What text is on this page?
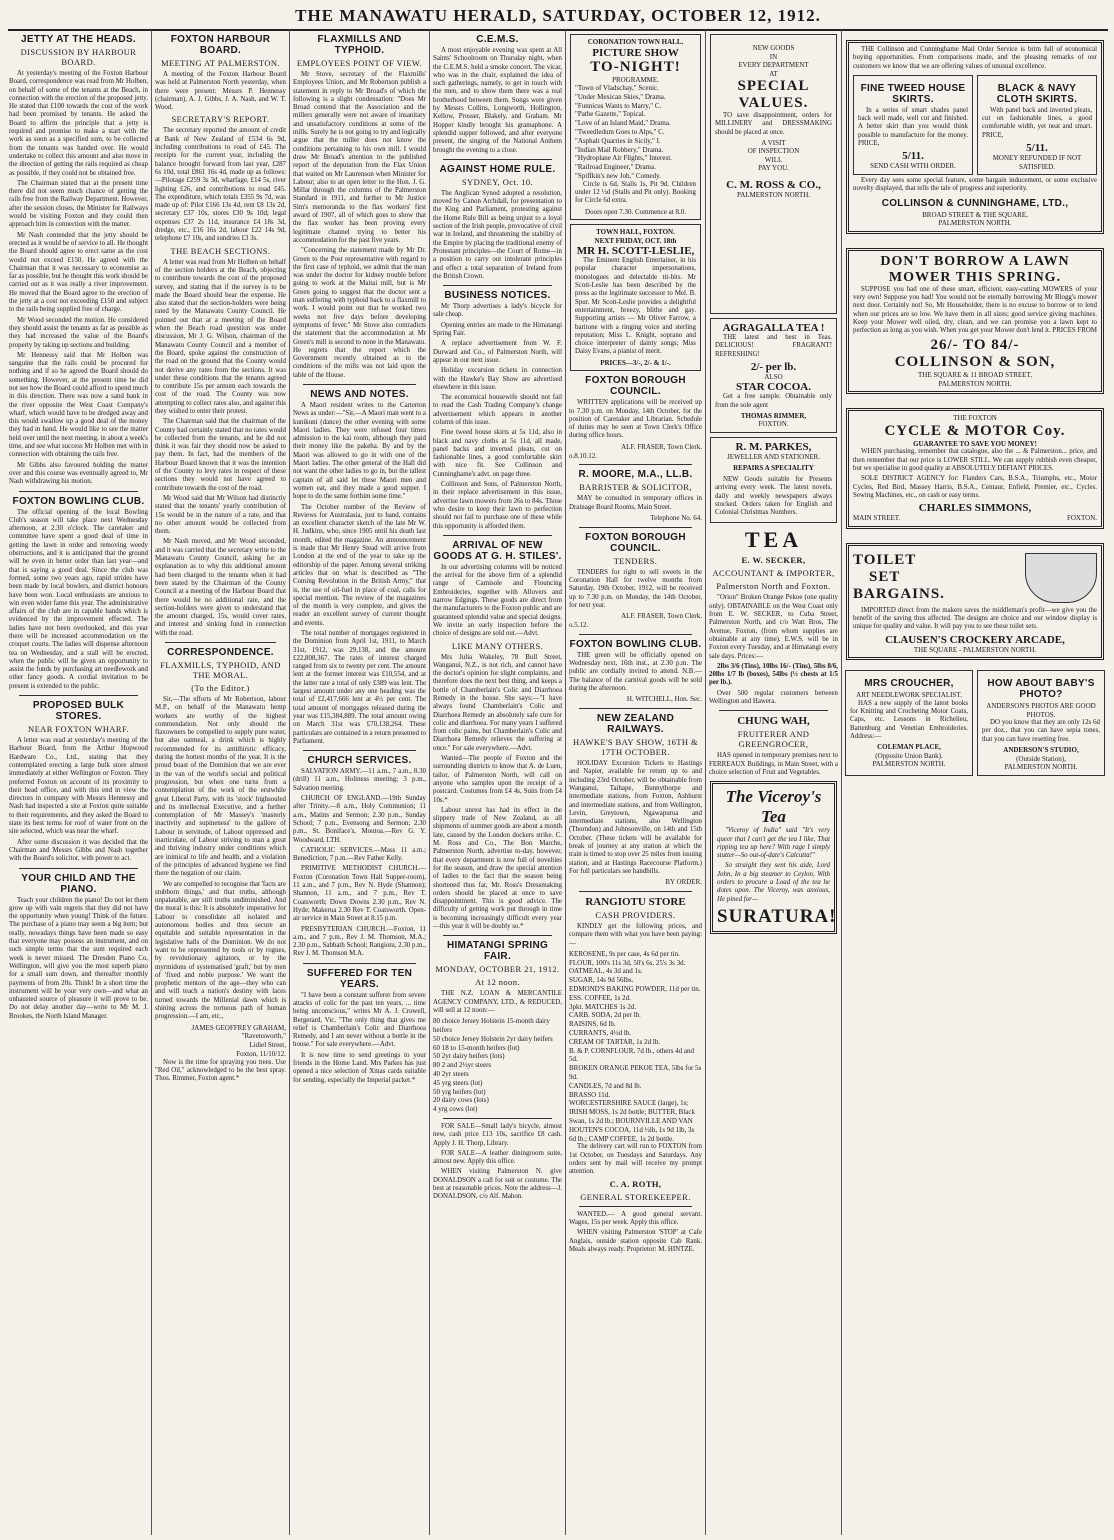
THE MANAWATU HERALD, SATURDAY, OCTOBER 12, 1912.
JETTY AT THE HEADS.
DISCUSSION BY HARBOUR BOARD.

At yesterday's meeting of the Foxton Harbour Board, correspondence was read from Mr Holben, on behalf of some of the tenants at the Beach, in connection with the erection of the proposed jetty. He stated that £100 towards the cost of the work had been promised by tenants. He asked the Board to affirm the principle that a jetty is required and promise to make a start with the work as soon as a specified sum, to be collected from the tenants was handed over. He would undertake to collect this amount and also move in the direction of getting the rails required as cheap as possible, if they could not be obtained free.

The Chairman stated that at the present time there did not seem much chance of getting the rails free from the Railway Department. However, after the session closes, the Minister for Railways would be visiting Foxton and they could then approach him in connection with the matter.

Mr Nash contended that the jetty should be erected as it would be of service to all. He thought the Board should agree to erect same as the cost would not exceed £150. He agreed with the Chairman that it was necessary to economise as far as possible, but he thought this work should be carried out as it was really a river improvement. He moved that the Board agree to the erection of the jetty at a cost not exceeding £150 and subject to the rails being supplied free of charge.

Mr Wood seconded the motion. He considered they should assist the tenants as far as possible as they had increased the value of the Board's property by taking up sections and building.

Mr Hennessy said that Mr Holben was sanguine that the rails could be procured for nothing and if so he agreed the Board should do something. However, at the present time he did not see how the Board could afford to spend much in this direction. There was now a sand bank in the river opposite the West Coast Company's wharf, which would have to be dredged away and this would swallow up a good deal of the money they had in hand. He would like to see the matter held over until the next meeting, in about a week's time, and see what success Mr Holben met with in connection with obtaining the rails free.

Mr Gibbs also favoured holding the matter over and this course was eventually agreed to, Mr Nash withdrawing his motion.

FOXTON BOWLING CLUB.

The official opening of the local Bowling Club's season will take place next Wednesday afternoon, at 2.30 o'clock. The caretaker and committee have spent a good deal of time in getting the lawn in order and removing weedy obstructions, and it is anticipated that the ground will be even in better order than last year—and that is saying a good deal. Since the club was formed, some two years ago, rapid strides have been made by local bowlers, and district honours have been won. Local enthusiasts are anxious to win even wider fame this year. The administrative affairs of the club are in capable hands which is evidenced by the improvement effected. The ladies have not been overlooked, and this year there will be increased accommodation on the croquet courts. The ladies will dispense afternoon tea on Wednesday, and a stall will be erected, when the public will be given an opportunity to assist the funds by purchasing art needlework and other fancy goods. A cordial invitation to be present is extended to the public.

PROPOSED BULK STORES.
NEAR FOXTON WHARF.

A letter was read at yesterday's meeting of the Harbour Board, from the Arthur Hopwood Hardware Co., Ltd., stating that they contemplated erecting a large bulk store almost immediately at either Wellington or Foxton. They preferred Foxton on account of its proximity to their head office, and with this end in view the directors in company with Messrs Hennessy and Nash had inspected a site at Foxton quite suitable to their requirements, and they asked the Board to state its best terms for roof of water front on the site selected, which was near the wharf.

After some discussion it was decided that the Chairman and Messrs Gibbs and Nash together with the Board's solicitor, with power to act.

YOUR CHILD AND THE PIANO.

Teach your children the piano! Do not let them grow up with vain regrets that they did not have the opportunity when young! Think of the future. The purchase of a piano may seem a big item; but really, nowadays things have been made so easy that everyone may possess an instrument, and on such simple terms that the sum required each week is never missed. The Dresden Piano Co, Wellington, will give you the most superb piano for a small sum down, and thereafter monthly payments of from 20s. Think! In a short time the instrument will be your very own—and what an unhausted source of pleasure it will prove to be. Do not delay another day—write to Mr M. J. Brookes, the North Island Manager.

FOXTON HARBOUR BOARD.
MEETING AT PALMERSTON.

A meeting of the Foxton Harbour Board was held at Palmerston North yesterday, when there were present: Messrs P. Hennessy (chairman), A. J. Gibbs, J. A. Nash, and W. T. Wood.

SECRETARY'S REPORT.

The secretary reported the amount of credit at Bank of New Zealand of £534 6s 9d, including contributions to road of £45. The receipts for the current year, including the balance brought forward from last year, £287 6s 10d, total £861 16s 4d, made up as follows:—Pilotage £259 3s 3d, wharfage, £14 5s, river lighting £26, and contributions to road £45. The expenditure, which totals £355 9s 7d, was made up of: Pilot £166 13s 4d, rent £8 13s 2d, secretary £37 10s, stores £30 9s 10d; legal expenses £37 2s 11d, insurance £4 18s 3d, dredge, etc., £16 16s 2d, labour £22 14s 9d, telephone £7 10s, and sundries £3 3s.

THE BEACH SECTIONS.

A letter was read from Mr Holben on behalf of the section holders at the Beach, objecting to contribute towards the cost of the proposed survey, and stating that if the survey is to be made the Board should bear the expense. He also stated that the section-holders were being rated by the Manawatu County Council. He pointed out that at a meeting of the Board when the Beach road question was under discussion, Mr J. G. Wilson, chairman of the Manawatu County Council and a member of the Board, spoke against the construction of the road on the ground that the County would not derive any rates from the sections. It was under these conditions that the tenants agreed to contribute 15s per annum each towards the cost of the road. The County was now attempting to collect rates also, and against this they wished to enter their protest.

The Chairman said that the chairman of the County had certainly stated that no rates would be collected from the tenants, and he did not think it was fair they should now be asked to pay them. In fact, had the members of the Harbour Board known that it was the intention of the County to levy rates in respect of these sections they would not have agreed to contribute towards the cost of the road.

Mr Wood said that Mr Wilson had distinctly stated that the tenants' yearly contribution of 15s would be in the nature of a rate, and that no other amount would be collected from them.

Mr Nash moved, and Mr Wood seconded, and it was carried that the secretary write to the Manawatu County Council, asking for an explanation as to why this additional amount had been charged to the tenants when it had been stated by the Chairman of the County Council at a meeting of the Harbour Board that there would be no additional rate, and the section-holders were given to understand that the amount charged, 15s, would cover rates, and interest and sinking fund in connection with the road.

CORRESPONDENCE.
FLAXMILLS, TYPHOID, AND THE MORAL.
(To the Editor.)

Sir,—The efforts of Mr Robertson, labour M.P., on behalf of the Manawatu hemp workers are worthy of the highest commendation. Not only should the flaxowners be compelled to supply pure water, but also oatmeal, a drink which is highly recommended for its antithirstic efficacy, during the hottest months of the year. It is the proud boast of the Dominion that we are ever in the van of the world's social and political progression, but when one turns from a contemplation of the work of the erstwhile great Liberal Party, with its 'stock' highsouled and its intellectual Executive, and a further contemplation of Mr Massey's 'masterly inactivity and supineness' to the gallore of Labour in servitude, of Labour oppressed and inarticulate, of Labour striving to man a great and thriving industry under conditions which are inimical to life and health, and a violation of the principles of advanced hygiene we find there the negation of our claim.

We are compelled to recognise that 'facts are stubborn things,' and that truths, although unpalatable, are still truths undiminished. And the moral is this: It is absolutely imperative for Labour to consolidate all isolated and autonomous bodies and thus secure an equitable and suitable representation in the legislative halls of the Dominion. We do not want to be represented by tools or by rogues, by revolutionary agitators, or by the myrmidons of systematised 'graft,' but by men of 'fixed and noble purpose.' We want the prophetic mentors of the age—they who can and will teach a nation's destiny with laces turned towards the Millenial dawn which is shining across the tortuous path of human progression.—I am, etc.,

JAMES GEOFFREY GRAHAM,
"Ravensworth,"
Lidiel Street,
Foxton, 11/10/12.

Now is the time for spraying you trees. Use "Red Oil," acknowledged to be the best spray. Thos. Rimmer, Foxton agent.*

FLAXMILLS AND TYPHOID.
EMPLOYEES POINT OF VIEW.

Mr Stove, secretary of the Flaxmills' Employees Union, and Mr Robertson publish a statement in reply to Mr Broad's of which the following is a slight condensation: "Does Mr Broad contend that the Association and the millers generally were not aware of insanitary and unsatisfactory conditions at some of the mills. Surely he is not going to try and logically argue that the miller does not know the conditions pertaining to his own mill. I would draw Mr Broad's attention to the published report of the deputation from the Flax Union that waited on Mr Laurenson when Minister for Labour; also to an open letter to the Hon. J. G. Millar through the columns of the Palmerston Standard in 1911, and further to Mr Justice Sim's memoranda to the flax workers' first award of 1907, all of which goes to show that the flax worker has been proving every legitimate channel trying to better his accommodation for the past five years.

"Concerning the statement made by Mr Dr. Green to the Post representative with regard to the first case of typhoid, we admit that the man was under the doctor for kidney trouble before going to work at the Maitai mill, but is Mr Green going to suggest that the doctor sent a man suffering with typhoid back to a flaxmill to work. I would point out that he worked two weeks not five days before developing symptoms of fever." Mr Stove also contradicts the statement that the accommodation at Mr Green's mill is second to none in the Manawatu. He regrets that the report which the Government recently obtained as to the conditions of the mills was not laid upon the table of the House.

NEWS AND NOTES.

A Maori resident writes to the Carterton News as under:—"Sir,—A Maori man went to a kunikuni (dance) the other evening with some Maori ladies. They were refused four times admission to the kai room, although they paid their money like the pakeha. By and by the Maori was allowed to go in with one of the Maori ladies. The other general of the Hall did not want the other ladies to go in, but the tallest captain of all said let these Maori men and women eat, and they made a good supper. I hope to do the same forthim some time."

The October number of the Review of Reviews for Australasia, just to hand, contains an excellent character sketch of the late Mr W. H. Judkins, who, since 1905 until his death last month, edited the magazine. An announcement is made that Mr Henry Stead will arrive from London at the end of the year to take up the editorship of the paper. Among several striking articles that on what is described as "The Coming Revolution in the British Army," that is, the use of oil-fuel in place of coal, calls for special mention. The review of the magazines of the month is very complete, and gives the reader an excellent survey of current thought and events.

The total number of mortgages registered in the Dominion from April 1st, 1911, to March 31st, 1912, was 29,138, and the amount £22,808,367. The rates of interest charged ranged from six to twenty per cent. The amount lent at the former interest was £10,554, and at the latter rate a total of only £389 was lent. The largest amount under any one heading was the total of £2,417,666 lent at 4½ per cent. The total amount of mortgages released during the year was £15,384,889. The total amount owing on March 31st was £70,138,264. These particulars are contained in a return presented to Parliament.

CHURCH SERVICES.

SALVATION ARMY.—11 a.m., 7 a.m., 8.30 (drill) 11 a.m., Holiness meeting; 3 p.m., Salvation meeting.

CHURCH OF ENGLAND.—19th Sunday after Trinity.—8 a.m., Holy Communion; 11 a.m., Matins and Sermon; 2.30 p.m., Sunday School; 7 p.m., Evensong and Sermon; 2.30 p.m., St. Boniface's, Moutoa.—Rev G. Y. Woodward, LTH.

CATHOLIC SERVICES.—Mass 11 a.m.; Benediction, 7 p.m.—Rev Father Kelly.

PRIMITIVE METHODIST CHURCH.—Foxton (Coronation Town Hall Supper-room), 11 a.m., and 7 p.m., Rev N. Hyde (Shannon); Shannon, 11 a.m., and 7 p.m., Rev T. Coatsworth; Down Downs 2.30 p.m., Rev N. Hyde; Makerua 2.30 Rev T. Coatsworth. Open-air service in Main Street at 8.15 p.m.

PRESBYTERIAN CHURCH.—Foxton, 11 a.m., and 7 p.m., Rev J. M. Thomson, M.A.; 2.30 p.m., Sabbath School; Rangiotu, 2.30 p.m., Rev J. M. Thomson M.A.

SUFFERED FOR TEN YEARS.

"I have been a constant sufferer from severe attacks of colic for the past ten years, ... time being unconscious," writes Mr A. J. Crowell, Bergerard, Vic. "The only thing that gives me relief is Chamberlain's Colic and Diarrhoea Remedy, and I am never without a bottle in the house." For sale everywhere.—Advt.

It is now time to send greetings to your friends in the Home Land. Mrs Parkes has just opened a nice selection of Xmas cards suitable for sending, especially the Imperial packet.*

C.E.M.S.

A most enjoyable evening was spent at All Saints' Schoolroom on Thursday night, when the C.E.M.S. held a smoke concert. The vicar, who was in the chair, explained the idea of such gatherings, namely, to get in touch with the men, and to show them there was a real brotherhood between them. Songs were given by Messrs Collins, Longworth, Hollington, Kellow, Prosser, Blakely, and Graham. Mr Hopper kindly brought his gramaphone. A splendid supper followed, and after everyone present, the singing of the National Anthem brought the evening to a close.

AGAINST HOME RULE.
SYDNEY, Oct. 10.

The Anglican Synod adopted a resolution, moved by Canon Archdall, for presentation to the King and Parliament, protesting against the Home Rule Bill as being unjust to a loyal section of the Irish people, provocative of civil war in Ireland, and threatening the stability of the Empire by placing the traditional enemy of Protestant principles—the Court of Rome—in a position to carry out intolerant principles and effect a total separation of Ireland from the British Crown.

BUSINESS NOTICES.

Mr Thorp advertises a lady's bicycle for sale cheap.

Opening entries are made to the Himatangi Spring Fair.

A replace advertisement from W. F. Durward and Co., of Palmerston North, will appear in our next issue.

Holiday excursion tickets in connection with the Hawke's Bay Show are advertised elsewhere in this issue.

The economical housewife should not fail to read the Cash Trading Company's change advertisement which appears in another column of this issue.

Fine tweed house skirts at 5s 11d, also in black and navy cloths at 5s 11d, all made, panel backs and inverted pleats, cut on fashionable lines, a good comfortable skirt with nice fit. See Collinson and Cunninghame's advt. on page three.

Collinson and Sons, of Palmerston North, in their replace advertisement in this issue, advertise lawn mowers from 26s to 84s. Those who desire to keep their lawn to perfection should not fail to purchase one of these while this opportunity is afforded them.

ARRIVAL OF NEW GOODS AT G. H. STILES'.

In our advertising columns will be noticed the arrival for the above firm of a splendid range of Camisole and Flouncing Embroideries, together with Allovers and narrow Edgings. These goods are direct from the manufacturers to the Foxton public and are guaranteed splendid value and special designs. We invite an early inspection before the choice of designs are sold out.—Advt.

LIKE MANY OTHERS.

Mrs Julia Wakeley, 78 Bull Street, Wanganui, N.Z., is not rich, and cannot have the doctor's opinion for slight complaints, and therefore does the next best thing, and keeps a bottle of Chamberlain's Colic and Diarrhoea Remedy in the house. She says:—"I have always found Chamberlain's Colic and Diarrhoea Remedy an absolutely safe cure for colic and diarrhoea. For many years I suffered from colic pains, but Chamberlain's Colic and Diarrhoea Remedy relieves the suffering at once." For sale everywhere.—Advt.

Wanted—The people of Foxton and the surrounding districts to know that A. de Luen, tailor, of Palmerston North, will call on anyone who samples upon the receipt of a postcard. Costumes from £4 4s, Suits from £4 10s.*

Labour unrest has had its effect in the slippery trade of New Zealand, as all shipments of summer goods are about a month late, caused by the London dockers strike. C. M. Ross and Co., The Bon Marche, Palmerston North, advertise to-day, however, that every department is now full of novelties for the season, and draw the special attention of ladies to the fact that the season being shortened thus far, Mr. Ross's Dressmaking orders should be placed at once to save disappointment. This is good advice. The difficulty of getting work put through in time is becoming increasingly difficult every year—this year it will be doubly so.*

HIMATANGI SPRING FAIR.
MONDAY, OCTOBER 21, 1912.
At 12 noon.

THE N.Z. LOAN & MERCANTILE AGENCY COMPANY, LTD., & REDUCED, will sell at 12 noon:—

80 choice Jersey Holstein 15-month dairy heifers
50 choice Jersey Holstein 2yr dairy heifers
60 18 to 15-month heifers (lot)
50 2yr dairy heifers (lots)
80 2 and 2½yr steers
40 2yr steers
45 yrg steers (lot)
50 yrg heifers (lot)
20 dairy cows (lots)
4 yrg cows (lot)

FOR SALE—Small lady's bicycle, almost new, cash price £13 10s, sacrifice £8 cash. Apply J. H. Thorp, Library.

FOR SALE—A leather diningroom suite, almost new. Apply this office.

WHEN visiting Palmerston N. give DONALDSON a call for suit or costume. The best at reasonable prices. Note the address—J. DONALDSON, c/o Alf. Mahon.

CORONATION TOWN HALL.
PICTURE SHOW
TO-NIGHT!
PROGRAMME.
"Town of Vladschay," Scenic.
"Under Mexican Skies," Drama.
"Funnicus Wants to Marry," C.
"Pathe Gazette," Topical.
"Love of an Island Maid," Drama.
"Tweedledum Goes to Alps," C.
"Asphalt Quarries in Sicily," I.
"Indian Mail Robbery," Drama.
"Hydroplane Air Flights," Interest.
"Railroad Engineer," Drama.
"Spiffkin's new Job," Comedy.

Circle is 6d, Stalls 1s, Pit 9d. Children under 12 ½d (Stalls and Pit only). Booking for Circle 6d extra.

Doors open 7.30. Commence at 8.0.
TOWN HALL, FOXTON.
NEXT FRIDAY, OCT. 18th
MR H. SCOTT-LESLIE,

The Eminent English Entertainer, in his popular character impersonations, monologues and delectable tit-bits. Mr Scott-Leslie has been described by the press as the legitimate successor to Mel. B. Spur. Mr Scott-Leslie provides a delightful entertainment, breezy, blithe and gay. Supporting artists — Mr Oliver Farrow, a baritone with a ringing voice and sterling reputation; Miss L. Knight, soprano and choice interpreter of dainty songs; Miss Daisy Evans, a pianist of merit.

PRICES—3/-, 2/- & 1/-.
FOXTON BOROUGH COUNCIL.

WRITTEN applications will be received up to 7.30 p.m. on Monday, 14th October, for the position of Caretaker and Librarian. Schedule of duties may be seen at Town Clerk's Office during office hours.

ALF. FRASER, Town Clerk.
o.8.10.12.
R. MOORE, M.A., LL.B.
BARRISTER & SOLICITOR,

MAY be consulted in temporary offices in Drainage Board Rooms, Main Street.

Telephone No. 64.
FOXTON BOROUGH COUNCIL.
TENDERS.

TENDERS for right to sell sweets in the Coronation Hall for twelve months from Saturday, 19th October, 1912, will be received up to 7.30 p.m. on Monday, the 14th October, for next year.

ALF. FRASER, Town Clerk.
o.5.12.
FOXTON BOWLING CLUB.

THE green will be officially opened on Wednesday next, 16th inst., at 2.30 p.m. The public are cordially invited to attend. N.B.—The balance of the carnival goods will be sold during the afternoon.

H. WITCHELL, Hon. Sec.
NEW ZEALAND RAILWAYS.
HAWKE'S BAY SHOW, 16TH & 17TH OCTOBER.

HOLIDAY Excursion Tickets to Hastings and Napier, available for return up to and including 23rd October, will be obtainable from Wanganui, Taihape, Bunnythorpe and intermediate stations, from Foxton, Ashhurst and intermediate stations, and from Wellington, Levin, Greytown, Ngawapurua and intermediate stations, also Wellington (Thorndon) and Johnsonville, on 14th and 15th October. (These tickets will be available for break of journey at any station at which the train is timed to stop over 25 miles from issuing station, and at Hastings Racecourse Platform.) For full particulars see handbills.

BY ORDER.
RANGIOTU STORE
CASH PROVIDERS.

KINDLY get the following prices, and compare them with what you have been paying:—

KEROSENE, 9s per case, 4s 6d per tin.
FLOUR, 100's 11s 3d, 50's 6s, 25's 3s 3d.
OATMEAL, 4s 3d and 1s.
SUGAR, 14s 9d 56lbs.
EDMOND'S BAKING POWDER, 11d per tin.
ESS. COFFEE, 1s 2d.
3pkt. MATCHES 1s 2d.
CARB. SODA, 2d per lb.
RAISINS, 6d lb.
CURRANTS, 4½d lb.
CREAM OF TARTAR, 1s 2d lb.
B. & P. CORNFLOUR, 7d lb., others 4d and 5d.
BROKEN ORANGE PEKOE TEA, 5lbs for 5s 9d.
CANDLES, 7d and 8d lb.
BRASSO 11d.
WORCESTERSHIRE SAUCE (large), 1s; IRISH MOSS, 1s 2d bottle; BUTTER, Black Swan, 1s 2d lb.; BOURNVILLE AND VAN HOUTEN'S COCOA, 11d ½lb, 1s 9d 1lb, 3s 6d lb.; CAMP COFFEE, 1s 2d bottle.

The delivery cart will run to FOXTON from 1st October, on Tuesdays and Saturdays. Any orders sent by mail will receive my prompt attention.

C. A. ROTH,
GENERAL STOREKEEPER.

WANTED.— A good general servant. Wages, 15s per week. Apply this office.

WHEN visiting Palmerston 'STOP' at Cafe Anglais, outside station opposite Cab Rank. Meals always ready. Proprietor: M. HINTZE.

NEW GOODS
IN
EVERY DEPARTMENT
AT
SPECIAL
VALUES.

TO save disappointment, orders for MILLINERY and DRESSMAKING should be placed at once.

A VISIT
OF INSPECTION
WILL
PAY YOU.
C. M. ROSS & CO.,
PALMERSTON NORTH.
AGRAGALLA TEA !

THE latest and best in Teas. DELICIOUS! FRAGRANT! REFRESHING!

2/- per lb.
ALSO
STAR COCOA.

Get a free sample. Obtainable only from the sole agent

THOMAS RIMMER,
FOXTON.
R. M. PARKES,
JEWELLER AND STATIONER.
REPAIRS A SPECIALITY

NEW Goods suitable for Presents arriving every week. The latest novels, daily and weekly newspapers always stocked. Orders taken for English and Colonial Christmas Numbers.

TEA
E. W. SECKER,
ACCOUNTANT & IMPORTER,
Palmerston North and Foxton.

"Orion" Broken Orange Pekoe (one quality only). OBTAINABLE on the West Coast only from E. W. SECKER, to Cuba Street, Palmerston North, and c/o Watt Bros, The Avenue, Foxton, (from whom supplies are obtainable at any time). E.W.S. will be in Foxton every Tuesday, and at Himatangi every sale days. Prices:—

2lbs 3/6 (Tins), 10lbs 16/- (Tins), 5lbs 8/6, 20lbs 1/7 lb (boxes), 54lbs (½ chests at 1/5 per lb.).

Over 500 regular customers between Wellington and Hawera.

CHUNG WAH,
FRUITERER AND GREENGROCER,

HAS opened in temporary premises next to FERREAUX Buildings, in Main Street, with a choice selection of Fruit and Vegetables.

The Viceroy's Tea

"Viceroy of India" said "It's very queer that I can't get the tea I like, That ripping tea up here? With rage I simply stutter—So out-of-date's Calcutta!"

So straight they sent his aide, Lord John, In a big steamer to Ceylon, With orders to procure a Load of the tea he dotes upon. The Viceroy, was anxious, He pined for—

SURATURA!

THE Collinson and Cunninghame Mail Order Service is brim full of economical buying opportunities. From comparisons made, and the pleasing remarks of our customers we know that we are offering values of unusual excellence.

FINE TWEED HOUSE SKIRTS.

In a series of smart shades panel back well made, well cut and finished. A better skirt than you would think possible to manufacture for the money. PRICE,

5/11.
SEND CASH WITH ORDER.
BLACK & NAVY CLOTH SKIRTS.

With panel back and inverted pleats, cut on fashionable lines, a good comfortable width, yet neat and smart. PRICE,

5/11.
MONEY REFUNDED IF NOT SATISFIED.

Every day sees some special feature, some bargain inducement, or some exclusive novelty displayed, that tells the tale of progress and superiority.

COLLINSON & CUNNINGHAME, LTD.,
BROAD STREET & THE SQUARE,
PALMERSTON NORTH.
DON'T BORROW A LAWN MOWER THIS SPRING.

SUPPOSE you had one of these smart, efficient, easy-cutting MOWERS of your very own! Suppose you had! You would not be eternally borrowing Mr Blogg's mower next door. Certainly not! So, Mr Householder, there is no excuse to borrow or to lend when our prices are so low. We have them in all sizes; good service giving machines. Keep your Mower well oiled, dry, clean, and we can promise you a lawn kept to perfection as long as you wish. When you get your Mower don't lend it. PRICES FROM

26/- TO 84/-
COLLINSON & SON,
THE SQUARE & 11 BROAD STREET,
PALMERSTON NORTH.
THE FOXTON
CYCLE & MOTOR Coy.
GUARANTEE TO SAVE YOU MONEY!

WHEN purchasing, remember that catalogue, also the ... & Palmerston... price, and then remember that our price is LOWER STILL. We can supply rubbish even cheaper, but we specialise in good quality at ABSOLUTELY DEFIANT PRICES.

SOLE DISTRICT AGENCY for: Flanders Cars, B.S.A., Triumphs, etc., Motor Cycles, Red Bird, Massey Harris, B.S.A., Centaur, Enfield, Premier, etc., Cycles. Sewing Machines, etc., on cash or easy terms.

CHARLES SIMMONS,
MAIN STREET.	FOXTON.
TOILET
SET
BARGAINS.

IMPORTED direct from the makers saves the middleman's profit—we give you the benefit of the saving thus affected. The designs are choice and our window display is unique for quality and value. It will pay you to see these toilet sets.

CLAUSEN'S CROCKERY ARCADE,
THE SQUARE - PALMERSTON NORTH.
MRS CROUCHER,
ART NEEDLEWORK SPECIALIST.

HAS a new supply of the latest books for Knitting and Crocheting Motor Coats, Caps, etc. Lessons in Richelieu, Battenburg and Venetian Embroideries. Address:—

COLEMAN PLACE,
(Opposite Union Bank).
PALMERSTON NORTH.
HOW ABOUT BABY'S PHOTO?
ANDERSON'S PHOTOS ARE GOOD PHOTOS.

DO you know that they are only 12s 6d per doz., that you can have sepia tones, that you can have resetting free.

ANDERSON'S STUDIO,
(Outside Station),
PALMERSTON NORTH.
